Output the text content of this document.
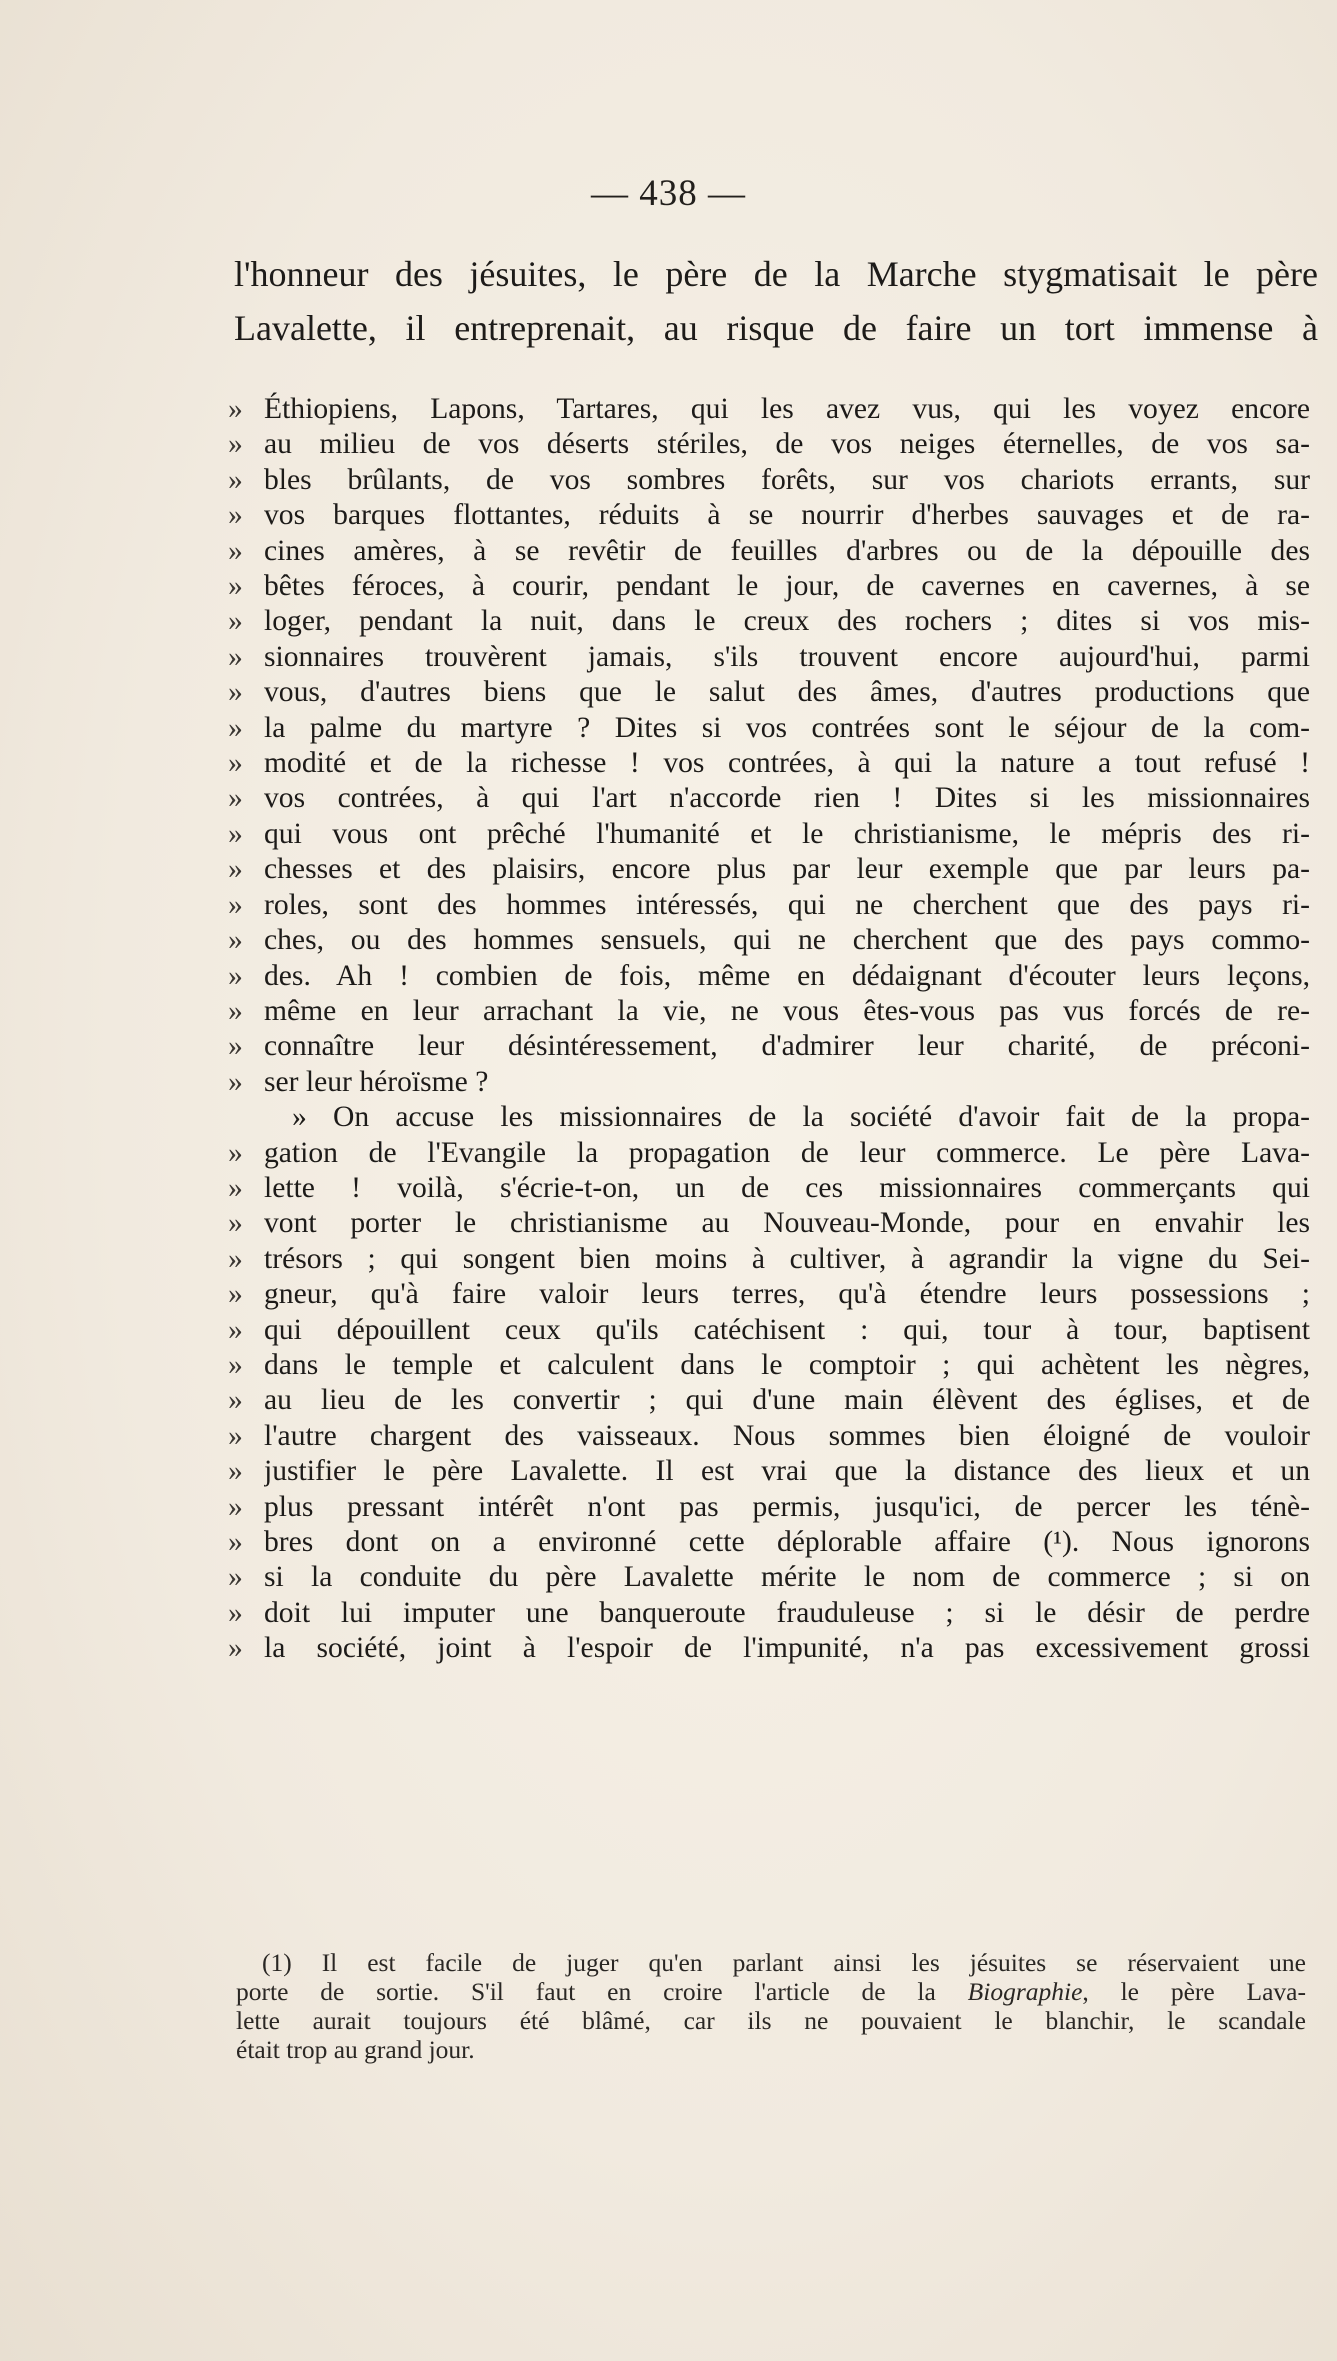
— 438 —
l'honneur des jésuites, le père de la Marche stygmatisait le père
Lavalette, il entreprenait, au risque de faire un tort immense à
» Éthiopiens, Lapons, Tartares, qui les avez vus, qui les voyez encore
» au milieu de vos déserts stériles, de vos neiges éternelles, de vos sa-
» bles brûlants, de vos sombres forêts, sur vos chariots errants, sur
» vos barques flottantes, réduits à se nourrir d'herbes sauvages et de ra-
» cines amères, à se revêtir de feuilles d'arbres ou de la dépouille des
» bêtes féroces, à courir, pendant le jour, de cavernes en cavernes, à se
» loger, pendant la nuit, dans le creux des rochers ; dites si vos mis-
» sionnaires trouvèrent jamais, s'ils trouvent encore aujourd'hui, parmi
» vous, d'autres biens que le salut des âmes, d'autres productions que
» la palme du martyre ? Dites si vos contrées sont le séjour de la com-
» modité et de la richesse ! vos contrées, à qui la nature a tout refusé !
» vos contrées, à qui l'art n'accorde rien ! Dites si les missionnaires
» qui vous ont prêché l'humanité et le christianisme, le mépris des ri-
» chesses et des plaisirs, encore plus par leur exemple que par leurs pa-
» roles, sont des hommes intéressés, qui ne cherchent que des pays ri-
» ches, ou des hommes sensuels, qui ne cherchent que des pays commo-
» des. Ah ! combien de fois, même en dédaignant d'écouter leurs leçons,
» même en leur arrachant la vie, ne vous êtes-vous pas vus forcés de re-
» connaître leur désintéressement, d'admirer leur charité, de préconi-
» ser leur héroïsme ?
» On accuse les missionnaires de la société d'avoir fait de la propa-
» gation de l'Evangile la propagation de leur commerce. Le père Lava-
» lette ! voilà, s'écrie-t-on, un de ces missionnaires commerçants qui
» vont porter le christianisme au Nouveau-Monde, pour en envahir les
» trésors ; qui songent bien moins à cultiver, à agrandir la vigne du Sei-
» gneur, qu'à faire valoir leurs terres, qu'à étendre leurs possessions ;
» qui dépouillent ceux qu'ils catéchisent : qui, tour à tour, baptisent
» dans le temple et calculent dans le comptoir ; qui achètent les nègres,
» au lieu de les convertir ; qui d'une main élèvent des églises, et de
» l'autre chargent des vaisseaux. Nous sommes bien éloigné de vouloir
» justifier le père Lavalette. Il est vrai que la distance des lieux et un
» plus pressant intérêt n'ont pas permis, jusqu'ici, de percer les ténè-
» bres dont on a environné cette déplorable affaire (¹). Nous ignorons
» si la conduite du père Lavalette mérite le nom de commerce ; si on
» doit lui imputer une banqueroute frauduleuse ; si le désir de perdre
» la société, joint à l'espoir de l'impunité, n'a pas excessivement grossi
(1) Il est facile de juger qu'en parlant ainsi les jésuites se réservaient une
porte de sortie. S'il faut en croire l'article de la Biographie, le père Lava-
lette aurait toujours été blâmé, car ils ne pouvaient le blanchir, le scandale
était trop au grand jour.
